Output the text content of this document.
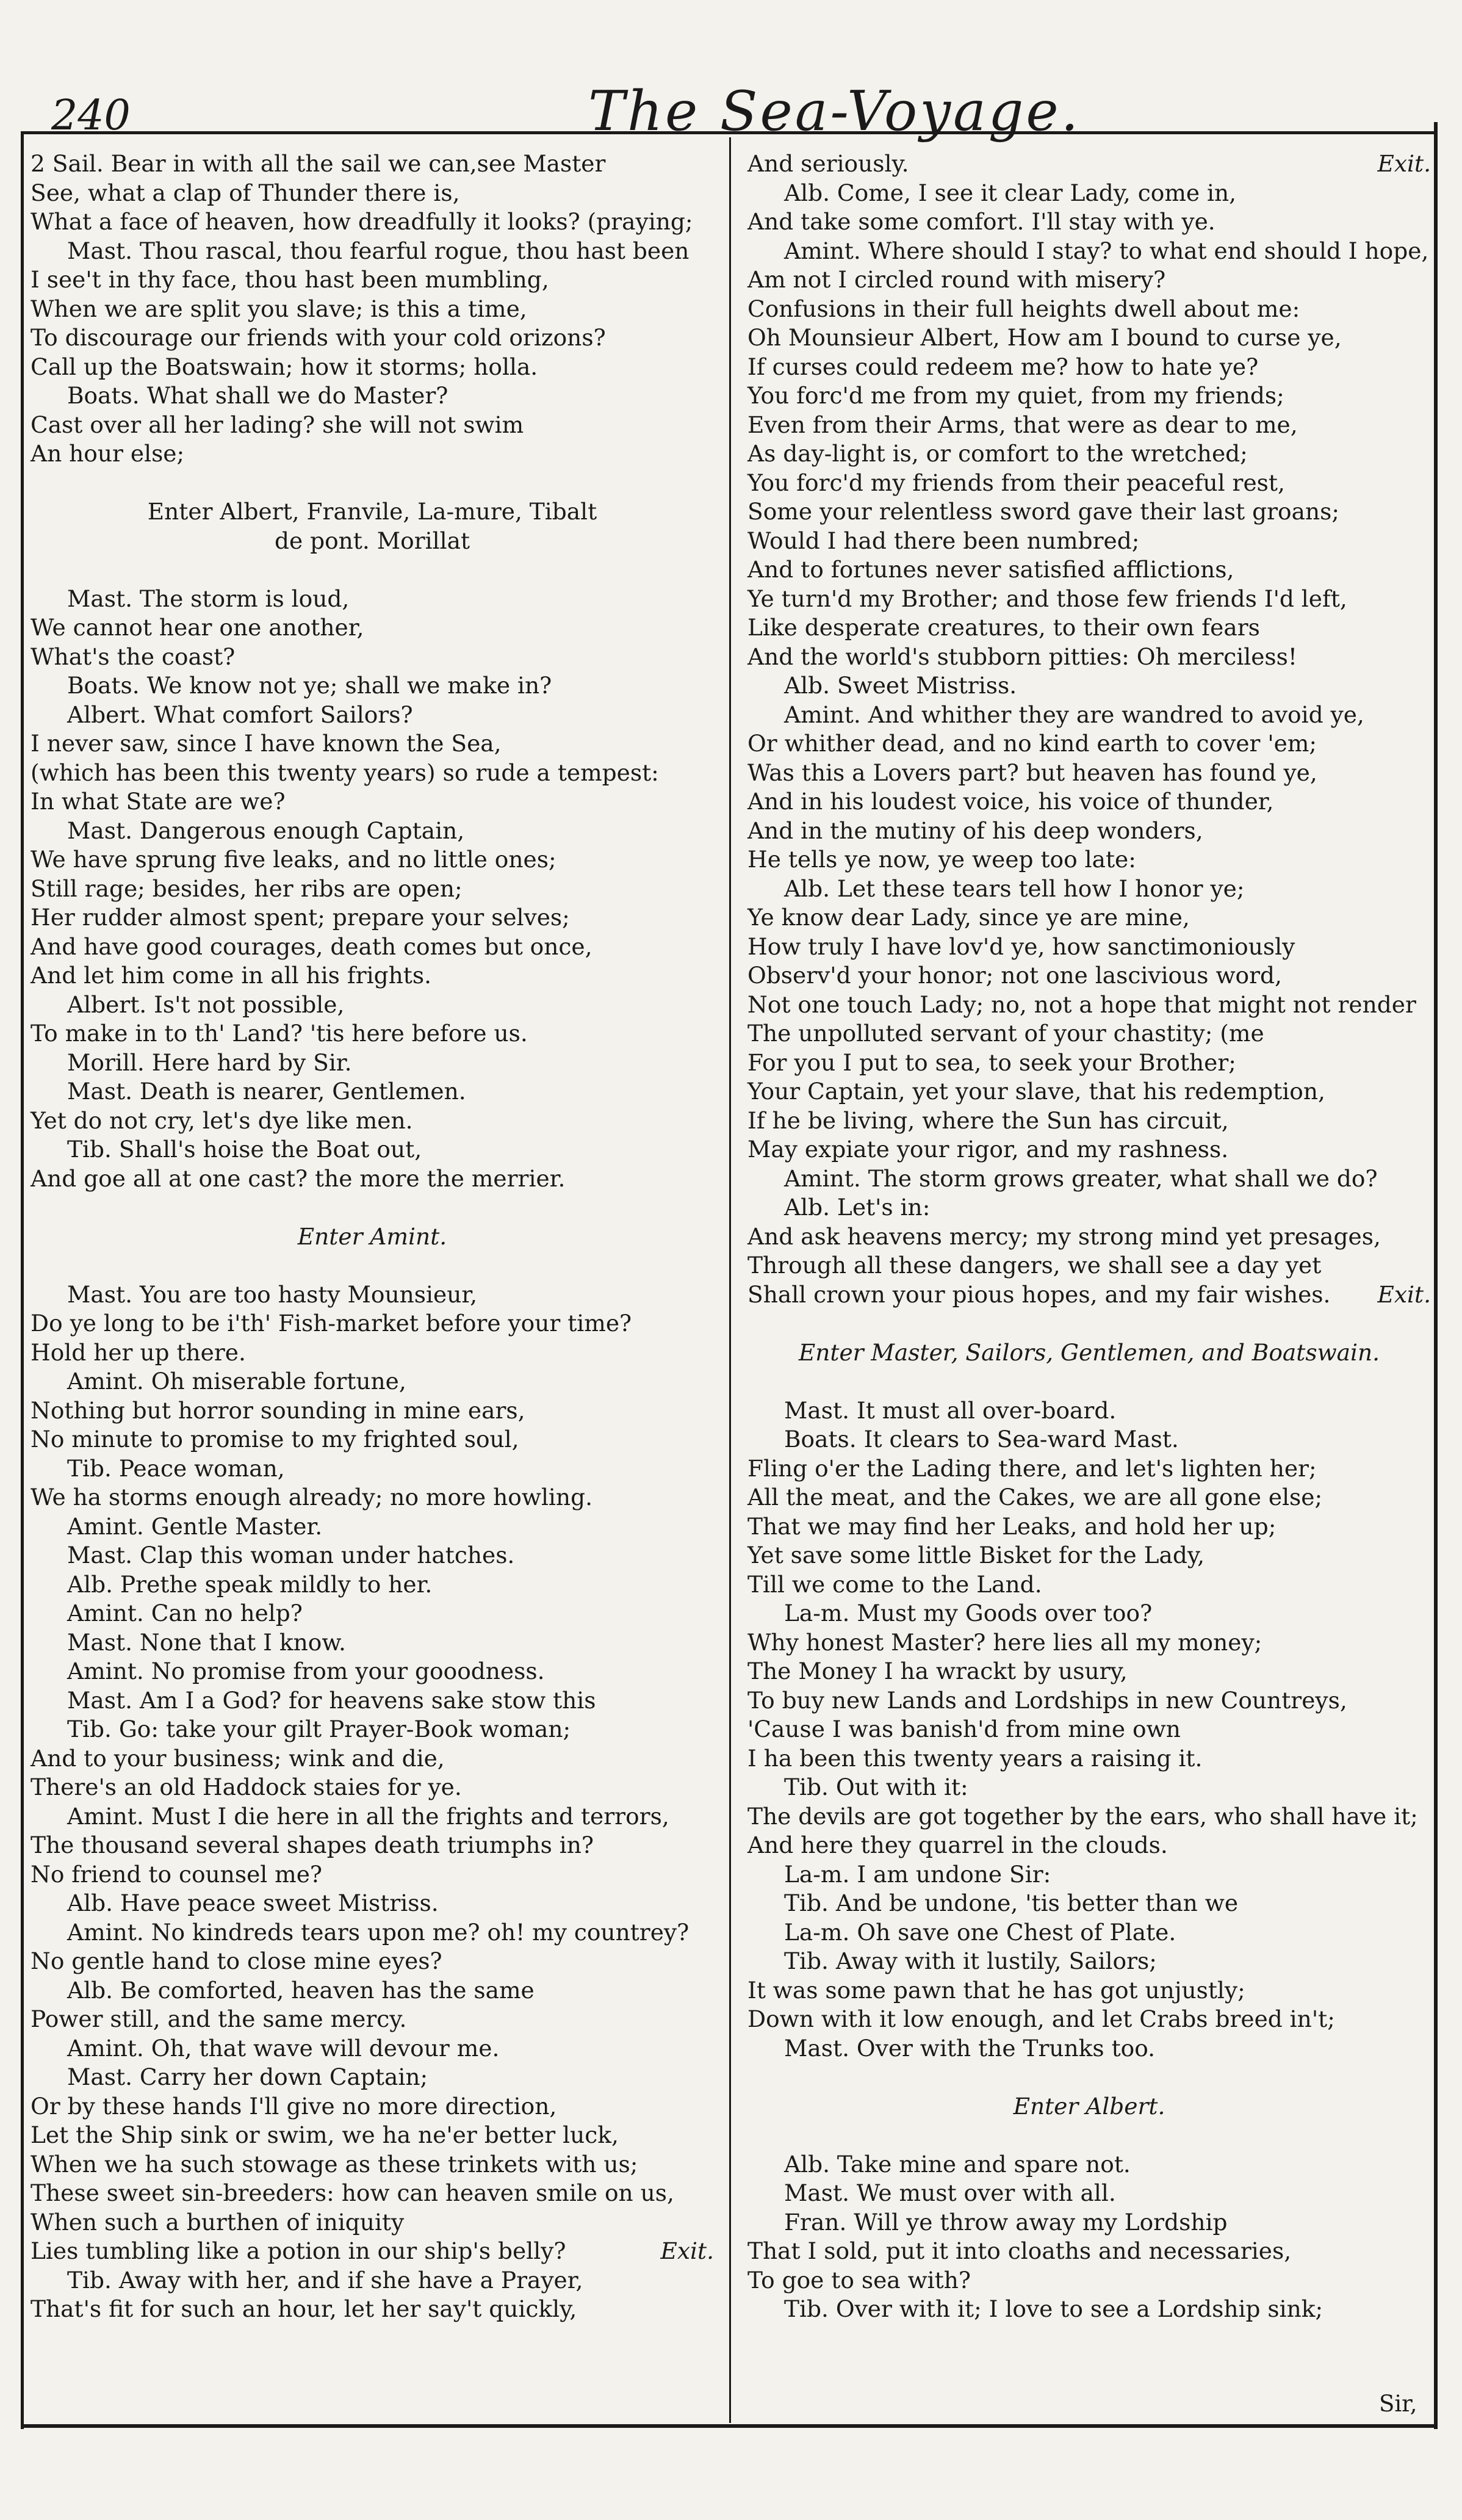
240	The Sea-Voyage.
2 Sail. Bear in with all the sail we can,see Master
See, what a clap of Thunder there is,
What a face of heaven, how dreadfully it looks? (praying;
Mast. Thou rascal, thou fearful rogue, thou hast been
I see't in thy face, thou hast been mumbling,
When we are split you slave; is this a time,
To discourage our friends with your cold orizons?
Call up the Boatswain; how it storms; holla.
Boats. What shall we do Master?
Cast over all her lading? she will not swim
An hour else;
Enter Albert, Franvile, La-mure, Tibalt
de pont. Morillat
Mast. The storm is loud,
We cannot hear one another,
What's the coast?
Boats. We know not ye; shall we make in?
Albert. What comfort Sailors?
I never saw, since I have known the Sea,
(which has been this twenty years) so rude a tempest:
In what State are we?
Mast. Dangerous enough Captain,
We have sprung five leaks, and no little ones;
Still rage; besides, her ribs are open;
Her rudder almost spent; prepare your selves;
And have good courages, death comes but once,
And let him come in all his frights.
Albert. Is't not possible,
To make in to th' Land? 'tis here before us.
Morill. Here hard by Sir.
Mast. Death is nearer, Gentlemen.
Yet do not cry, let's dye like men.
Tib. Shall's hoise the Boat out,
And goe all at one cast? the more the merrier.
Enter Amint.
Mast. You are too hasty Mounsieur,
Do ye long to be i'th' Fish-market before your time?
Hold her up there.
Amint. Oh miserable fortune,
Nothing but horror sounding in mine ears,
No minute to promise to my frighted soul,
Tib. Peace woman,
We ha storms enough already; no more howling.
Amint. Gentle Master.
Mast. Clap this woman under hatches.
Alb. Prethe speak mildly to her.
Amint. Can no help?
Mast. None that I know.
Amint. No promise from your gooodness.
Mast. Am I a God? for heavens sake stow this
Tib. Go: take your gilt Prayer-Book woman;
And to your business; wink and die,
There's an old Haddock staies for ye.
Amint. Must I die here in all the frights and terrors,
The thousand several shapes death triumphs in?
No friend to counsel me?
Alb. Have peace sweet Mistriss.
Amint. No kindreds tears upon me? oh! my countrey?
No gentle hand to close mine eyes?
Alb. Be comforted, heaven has the same
Power still, and the same mercy.
Amint. Oh, that wave will devour me.
Mast. Carry her down Captain;
Or by these hands I'll give no more direction,
Let the Ship sink or swim, we ha ne'er better luck,
When we ha such stowage as these trinkets with us;
These sweet sin-breeders: how can heaven smile on us,
When such a burthen of iniquity
Lies tumbling like a potion in our ship's belly?	Exit.
Tib. Away with her, and if she have a Prayer,
That's fit for such an hour, let her say't quickly,
And seriously.	Exit.
Alb. Come, I see it clear Lady, come in,
And take some comfort. I'll stay with ye.
Amint. Where should I stay? to what end should I hope,
Am not I circled round with misery?
Confusions in their full heights dwell about me:
Oh Mounsieur Albert, How am I bound to curse ye,
If curses could redeem me? how to hate ye?
You forc'd me from my quiet, from my friends;
Even from their Arms, that were as dear to me,
As day-light is, or comfort to the wretched;
You forc'd my friends from their peaceful rest,
Some your relentless sword gave their last groans;
Would I had there been numbred;
And to fortunes never satisfied afflictions,
Ye turn'd my Brother; and those few friends I'd left,
Like desperate creatures, to their own fears
And the world's stubborn pitties: Oh merciless!
Alb. Sweet Mistriss.
Amint. And whither they are wandred to avoid ye,
Or whither dead, and no kind earth to cover 'em;
Was this a Lovers part? but heaven has found ye,
And in his loudest voice, his voice of thunder,
And in the mutiny of his deep wonders,
He tells ye now, ye weep too late:
Alb. Let these tears tell how I honor ye;
Ye know dear Lady, since ye are mine,
How truly I have lov'd ye, how sanctimoniously
Observ'd your honor; not one lascivious word,
Not one touch Lady; no, not a hope that might not render
The unpolluted servant of your chastity; (me
For you I put to sea, to seek your Brother;
Your Captain, yet your slave, that his redemption,
If he be living, where the Sun has circuit,
May expiate your rigor, and my rashness.
Amint. The storm grows greater, what shall we do?
Alb. Let's in:
And ask heavens mercy; my strong mind yet presages,
Through all these dangers, we shall see a day yet
Shall crown your pious hopes, and my fair wishes. Exit.
Enter Master, Sailors, Gentlemen, and Boatswain.
Mast. It must all over-board.
Boats. It clears to Sea-ward Mast.
Fling o'er the Lading there, and let's lighten her;
All the meat, and the Cakes, we are all gone else;
That we may find her Leaks, and hold her up;
Yet save some little Bisket for the Lady,
Till we come to the Land.
La-m. Must my Goods over too?
Why honest Master? here lies all my money;
The Money I ha wrackt by usury,
To buy new Lands and Lordships in new Countreys,
'Cause I was banish'd from mine own
I ha been this twenty years a raising it.
Tib. Out with it:
The devils are got together by the ears, who shall have it;
And here they quarrel in the clouds.
La-m. I am undone Sir:
Tib. And be undone, 'tis better than we
La-m. Oh save one Chest of Plate.
Tib. Away with it lustily, Sailors;
It was some pawn that he has got unjustly;
Down with it low enough, and let Crabs breed in't;
Mast. Over with the Trunks too.
Enter Albert.
Alb. Take mine and spare not.
Mast. We must over with all.
Fran. Will ye throw away my Lordship
That I sold, put it into cloaths and necessaries,
To goe to sea with?
Tib. Over with it; I love to see a Lordship sink;
Sir,
